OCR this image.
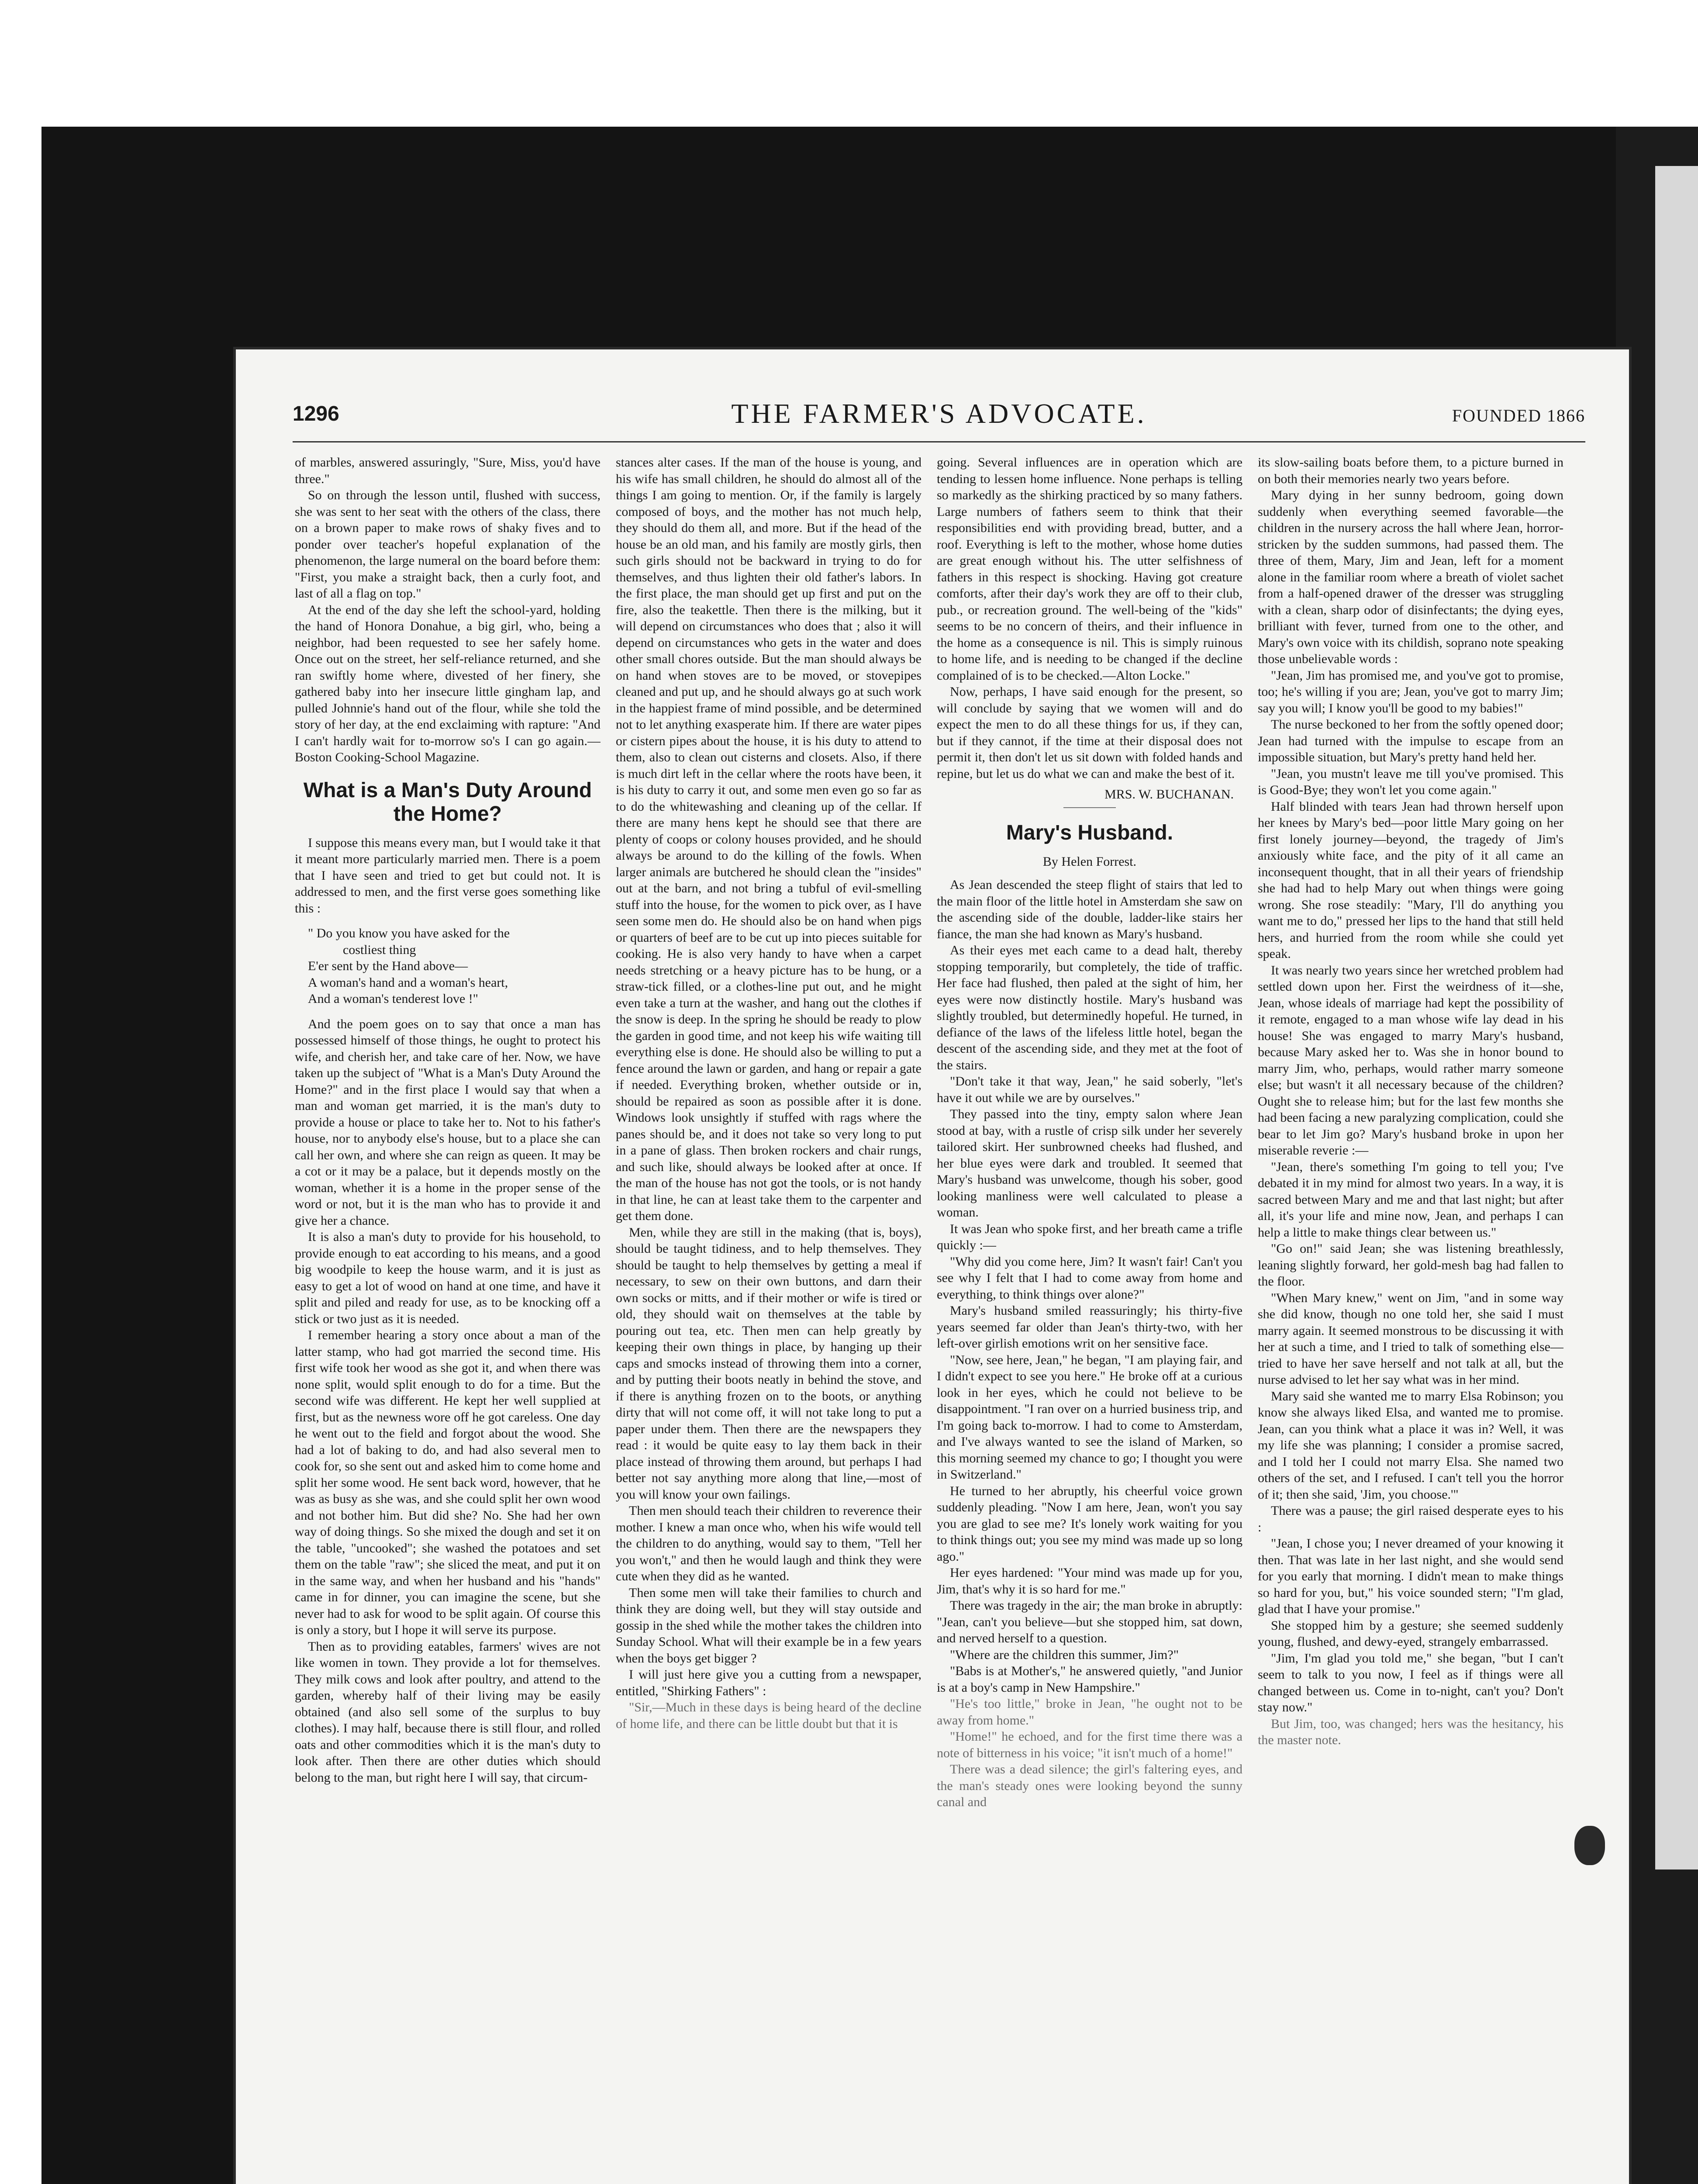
1296	THE FARMER'S ADVOCATE.	FOUNDED 1866

of marbles, answered assuringly, "Sure, Miss, you'd have three."

So on through the lesson until, flushed with success, she was sent to her seat with the others of the class, there on a brown paper to make rows of shaky fives and to ponder over teacher's hopeful explanation of the phenomenon, the large numeral on the board before them: "First, you make a straight back, then a curly foot, and last of all a flag on top."

At the end of the day she left the school-yard, holding the hand of Honora Donahue, a big girl, who, being a neighbor, had been requested to see her safely home. Once out on the street, her self-reliance returned, and she ran swiftly home where, divested of her finery, she gathered baby into her insecure little gingham lap, and pulled Johnnie's hand out of the flour, while she told the story of her day, at the end exclaiming with rapture: "And I can't hardly wait for to-morrow so's I can go again.—Boston Cooking-School Magazine.

What is a Man's Duty Around the Home?

I suppose this means every man, but I would take it that it meant more particularly married men. There is a poem that I have seen and tried to get but could not. It is addressed to men, and the first verse goes something like this :

" Do you know you have asked for the
costliest thing
E'er sent by the Hand above—
A woman's hand and a woman's heart,
And a woman's tenderest love !"

And the poem goes on to say that once a man has possessed himself of those things, he ought to protect his wife, and cherish her, and take care of her. Now, we have taken up the subject of "What is a Man's Duty Around the Home?" and in the first place I would say that when a man and woman get married, it is the man's duty to provide a house or place to take her to. Not to his father's house, nor to anybody else's house, but to a place she can call her own, and where she can reign as queen. It may be a cot or it may be a palace, but it depends mostly on the woman, whether it is a home in the proper sense of the word or not, but it is the man who has to provide it and give her a chance.

It is also a man's duty to provide for his household, to provide enough to eat according to his means, and a good big woodpile to keep the house warm, and it is just as easy to get a lot of wood on hand at one time, and have it split and piled and ready for use, as to be knocking off a stick or two just as it is needed.

I remember hearing a story once about a man of the latter stamp, who had got married the second time. His first wife took her wood as she got it, and when there was none split, would split enough to do for a time. But the second wife was different. He kept her well supplied at first, but as the newness wore off he got careless. One day he went out to the field and forgot about the wood. She had a lot of baking to do, and had also several men to cook for, so she sent out and asked him to come home and split her some wood. He sent back word, however, that he was as busy as she was, and she could split her own wood and not bother him. But did she? No. She had her own way of doing things. So she mixed the dough and set it on the table, "uncooked"; she washed the potatoes and set them on the table "raw"; she sliced the meat, and put it on in the same way, and when her husband and his "hands" came in for dinner, you can imagine the scene, but she never had to ask for wood to be split again. Of course this is only a story, but I hope it will serve its purpose.

Then as to providing eatables, farmers' wives are not like women in town. They provide a lot for themselves. They milk cows and look after poultry, and attend to the garden, whereby half of their living may be easily obtained (and also sell some of the surplus to buy clothes). I may half, because there is still flour, and rolled oats and other commodities which it is the man's duty to look after. Then there are other duties which should belong to the man, but right here I will say, that circum-

stances alter cases. If the man of the house is young, and his wife has small children, he should do almost all of the things I am going to mention. Or, if the family is largely composed of boys, and the mother has not much help, they should do them all, and more. But if the head of the house be an old man, and his family are mostly girls, then such girls should not be backward in trying to do for themselves, and thus lighten their old father's labors. In the first place, the man should get up first and put on the fire, also the teakettle. Then there is the milking, but it will depend on circumstances who does that ; also it will depend on circumstances who gets in the water and does other small chores outside. But the man should always be on hand when stoves are to be moved, or stovepipes cleaned and put up, and he should always go at such work in the happiest frame of mind possible, and be determined not to let anything exasperate him. If there are water pipes or cistern pipes about the house, it is his duty to attend to them, also to clean out cisterns and closets. Also, if there is much dirt left in the cellar where the roots have been, it is his duty to carry it out, and some men even go so far as to do the whitewashing and cleaning up of the cellar. If there are many hens kept he should see that there are plenty of coops or colony houses provided, and he should always be around to do the killing of the fowls. When larger animals are butchered he should clean the "insides" out at the barn, and not bring a tubful of evil-smelling stuff into the house, for the women to pick over, as I have seen some men do. He should also be on hand when pigs or quarters of beef are to be cut up into pieces suitable for cooking. He is also very handy to have when a carpet needs stretching or a heavy picture has to be hung, or a straw-tick filled, or a clothes-line put out, and he might even take a turn at the washer, and hang out the clothes if the snow is deep. In the spring he should be ready to plow the garden in good time, and not keep his wife waiting till everything else is done. He should also be willing to put a fence around the lawn or garden, and hang or repair a gate if needed. Everything broken, whether outside or in, should be repaired as soon as possible after it is done. Windows look unsightly if stuffed with rags where the panes should be, and it does not take so very long to put in a pane of glass. Then broken rockers and chair rungs, and such like, should always be looked after at once. If the man of the house has not got the tools, or is not handy in that line, he can at least take them to the carpenter and get them done.

Men, while they are still in the making (that is, boys), should be taught tidiness, and to help themselves. They should be taught to help themselves by getting a meal if necessary, to sew on their own buttons, and darn their own socks or mitts, and if their mother or wife is tired or old, they should wait on themselves at the table by pouring out tea, etc. Then men can help greatly by keeping their own things in place, by hanging up their caps and smocks instead of throwing them into a corner, and by putting their boots neatly in behind the stove, and if there is anything frozen on to the boots, or anything dirty that will not come off, it will not take long to put a paper under them. Then there are the newspapers they read : it would be quite easy to lay them back in their place instead of throwing them around, but perhaps I had better not say anything more along that line,—most of you will know your own failings.

Then men should teach their children to reverence their mother. I knew a man once who, when his wife would tell the children to do anything, would say to them, "Tell her you won't," and then he would laugh and think they were cute when they did as he wanted.

Then some men will take their families to church and think they are doing well, but they will stay outside and gossip in the shed while the mother takes the children into Sunday School. What will their example be in a few years when the boys get bigger ?

I will just here give you a cutting from a newspaper, entitled, "Shirking Fathers" :

"Sir,—Much in these days is being heard of the decline of home life, and there can be little doubt but that it is

going. Several influences are in operation which are tending to lessen home influence. None perhaps is telling so markedly as the shirking practiced by so many fathers. Large numbers of fathers seem to think that their responsibilities end with providing bread, butter, and a roof. Everything is left to the mother, whose home duties are great enough without his. The utter selfishness of fathers in this respect is shocking. Having got creature comforts, after their day's work they are off to their club, pub., or recreation ground. The well-being of the "kids" seems to be no concern of theirs, and their influence in the home as a consequence is nil. This is simply ruinous to home life, and is needing to be changed if the decline complained of is to be checked.—Alton Locke."

Now, perhaps, I have said enough for the present, so will conclude by saying that we women will and do expect the men to do all these things for us, if they can, but if they cannot, if the time at their disposal does not permit it, then don't let us sit down with folded hands and repine, but let us do what we can and make the best of it.

MRS. W. BUCHANAN.
Mary's Husband.
By Helen Forrest.

As Jean descended the steep flight of stairs that led to the main floor of the little hotel in Amsterdam she saw on the ascending side of the double, ladder-like stairs her fiance, the man she had known as Mary's husband.

As their eyes met each came to a dead halt, thereby stopping temporarily, but completely, the tide of traffic. Her face had flushed, then paled at the sight of him, her eyes were now distinctly hostile. Mary's husband was slightly troubled, but determinedly hopeful. He turned, in defiance of the laws of the lifeless little hotel, began the descent of the ascending side, and they met at the foot of the stairs.

"Don't take it that way, Jean," he said soberly, "let's have it out while we are by ourselves."

They passed into the tiny, empty salon where Jean stood at bay, with a rustle of crisp silk under her severely tailored skirt. Her sunbrowned cheeks had flushed, and her blue eyes were dark and troubled. It seemed that Mary's husband was unwelcome, though his sober, good looking manliness were well calculated to please a woman.

It was Jean who spoke first, and her breath came a trifle quickly :—

"Why did you come here, Jim? It wasn't fair! Can't you see why I felt that I had to come away from home and everything, to think things over alone?"

Mary's husband smiled reassuringly; his thirty-five years seemed far older than Jean's thirty-two, with her left-over girlish emotions writ on her sensitive face.

"Now, see here, Jean," he began, "I am playing fair, and I didn't expect to see you here." He broke off at a curious look in her eyes, which he could not believe to be disappointment. "I ran over on a hurried business trip, and I'm going back to-morrow. I had to come to Amsterdam, and I've always wanted to see the island of Marken, so this morning seemed my chance to go; I thought you were in Switzerland."

He turned to her abruptly, his cheerful voice grown suddenly pleading. "Now I am here, Jean, won't you say you are glad to see me? It's lonely work waiting for you to think things out; you see my mind was made up so long ago."

Her eyes hardened: "Your mind was made up for you, Jim, that's why it is so hard for me."

There was tragedy in the air; the man broke in abruptly: "Jean, can't you believe—but she stopped him, sat down, and nerved herself to a question.

"Where are the children this summer, Jim?"

"Babs is at Mother's," he answered quietly, "and Junior is at a boy's camp in New Hampshire."

"He's too little," broke in Jean, "he ought not to be away from home."

"Home!" he echoed, and for the first time there was a note of bitterness in his voice; "it isn't much of a home!"

There was a dead silence; the girl's faltering eyes, and the man's steady ones were looking beyond the sunny canal and

its slow-sailing boats before them, to a picture burned in on both their memories nearly two years before.

Mary dying in her sunny bedroom, going down suddenly when everything seemed favorable—the children in the nursery across the hall where Jean, horror-stricken by the sudden summons, had passed them. The three of them, Mary, Jim and Jean, left for a moment alone in the familiar room where a breath of violet sachet from a half-opened drawer of the dresser was struggling with a clean, sharp odor of disinfectants; the dying eyes, brilliant with fever, turned from one to the other, and Mary's own voice with its childish, soprano note speaking those unbelievable words :

"Jean, Jim has promised me, and you've got to promise, too; he's willing if you are; Jean, you've got to marry Jim; say you will; I know you'll be good to my babies!"

The nurse beckoned to her from the softly opened door; Jean had turned with the impulse to escape from an impossible situation, but Mary's pretty hand held her.

"Jean, you mustn't leave me till you've promised. This is Good-Bye; they won't let you come again."

Half blinded with tears Jean had thrown herself upon her knees by Mary's bed—poor little Mary going on her first lonely journey—beyond, the tragedy of Jim's anxiously white face, and the pity of it all came an inconsequent thought, that in all their years of friendship she had had to help Mary out when things were going wrong. She rose steadily: "Mary, I'll do anything you want me to do," pressed her lips to the hand that still held hers, and hurried from the room while she could yet speak.

It was nearly two years since her wretched problem had settled down upon her. First the weirdness of it—she, Jean, whose ideals of marriage had kept the possibility of it remote, engaged to a man whose wife lay dead in his house! She was engaged to marry Mary's husband, because Mary asked her to. Was she in honor bound to marry Jim, who, perhaps, would rather marry someone else; but wasn't it all necessary because of the children? Ought she to release him; but for the last few months she had been facing a new paralyzing complication, could she bear to let Jim go? Mary's husband broke in upon her miserable reverie :—

"Jean, there's something I'm going to tell you; I've debated it in my mind for almost two years. In a way, it is sacred between Mary and me and that last night; but after all, it's your life and mine now, Jean, and perhaps I can help a little to make things clear between us."

"Go on!" said Jean; she was listening breathlessly, leaning slightly forward, her gold-mesh bag had fallen to the floor.

"When Mary knew," went on Jim, "and in some way she did know, though no one told her, she said I must marry again. It seemed monstrous to be discussing it with her at such a time, and I tried to talk of something else—tried to have her save herself and not talk at all, but the nurse advised to let her say what was in her mind.

Mary said she wanted me to marry Elsa Robinson; you know she always liked Elsa, and wanted me to promise. Jean, can you think what a place it was in? Well, it was my life she was planning; I consider a promise sacred, and I told her I could not marry Elsa. She named two others of the set, and I refused. I can't tell you the horror of it; then she said, 'Jim, you choose.'"

There was a pause; the girl raised desperate eyes to his :

"Jean, I chose you; I never dreamed of your knowing it then. That was late in her last night, and she would send for you early that morning. I didn't mean to make things so hard for you, but," his voice sounded stern; "I'm glad, glad that I have your promise."

She stopped him by a gesture; she seemed suddenly young, flushed, and dewy-eyed, strangely embarrassed.

"Jim, I'm glad you told me," she began, "but I can't seem to talk to you now, I feel as if things were all changed between us. Come in to-night, can't you? Don't stay now."

But Jim, too, was changed; hers was the hesitancy, his the master note.
